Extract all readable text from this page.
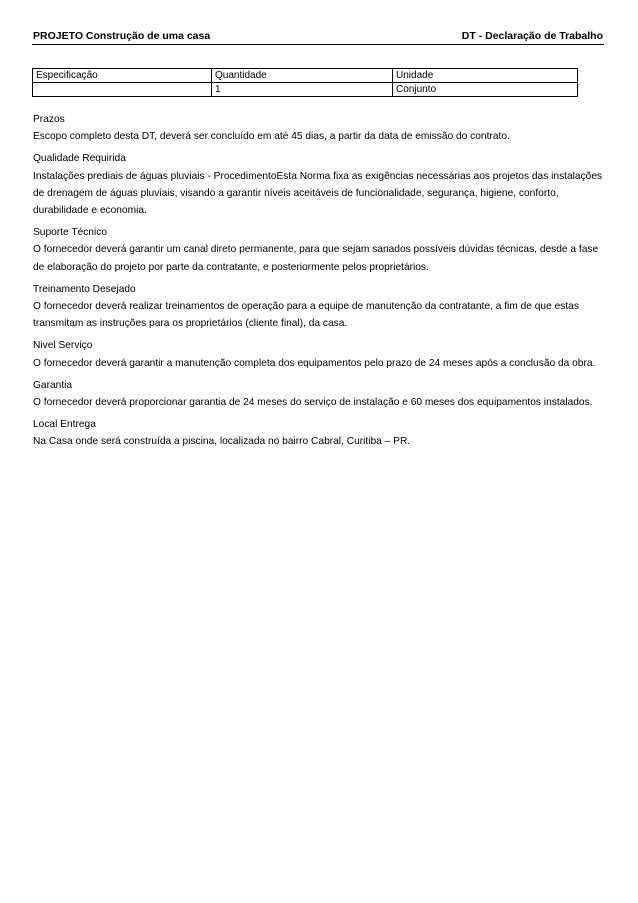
PROJETO Construção de uma casa	DT - Declaração de Trabalho
Especificação	Quantidade	Unidade
	1	Conjunto
Prazos
Escopo completo desta DT, deverá ser concluído em até 45 dias, a partir da data de emissão do contrato.
Qualidade Requirida
Instalações prediais de águas pluviais - ProcedimentoEsta Norma fixa as exigências necessárias aos projetos das instalações de drenagem de águas pluviais, visando a garantir níveis aceitáveis de funcionalidade, segurança, higiene, conforto, durabilidade e economia.
Suporte Técnico
O fornecedor deverá garantir um canal direto permanente, para que sejam sanados possíveis dúvidas técnicas, desde a fase de elaboração do projeto por parte da contratante, e posteriormente pelos proprietários.
Treinamento Desejado
O fornecedor deverá realizar treinamentos de operação para a equipe de manutenção da contratante, a fim de que estas transmitam as instruções para os proprietários (cliente final), da casa.
Nivel Serviço
O fornecedor deverá garantir a manutenção completa dos equipamentos pelo prazo de 24 meses após a conclusão da obra.
Garantia
O fornecedor deverá proporcionar garantia de 24 meses do serviço de instalação e 60 meses dos equipamentos instalados.
Local Entrega
Na Casa onde será construída a piscina, localizada no bairro Cabral, Curitiba – PR.
